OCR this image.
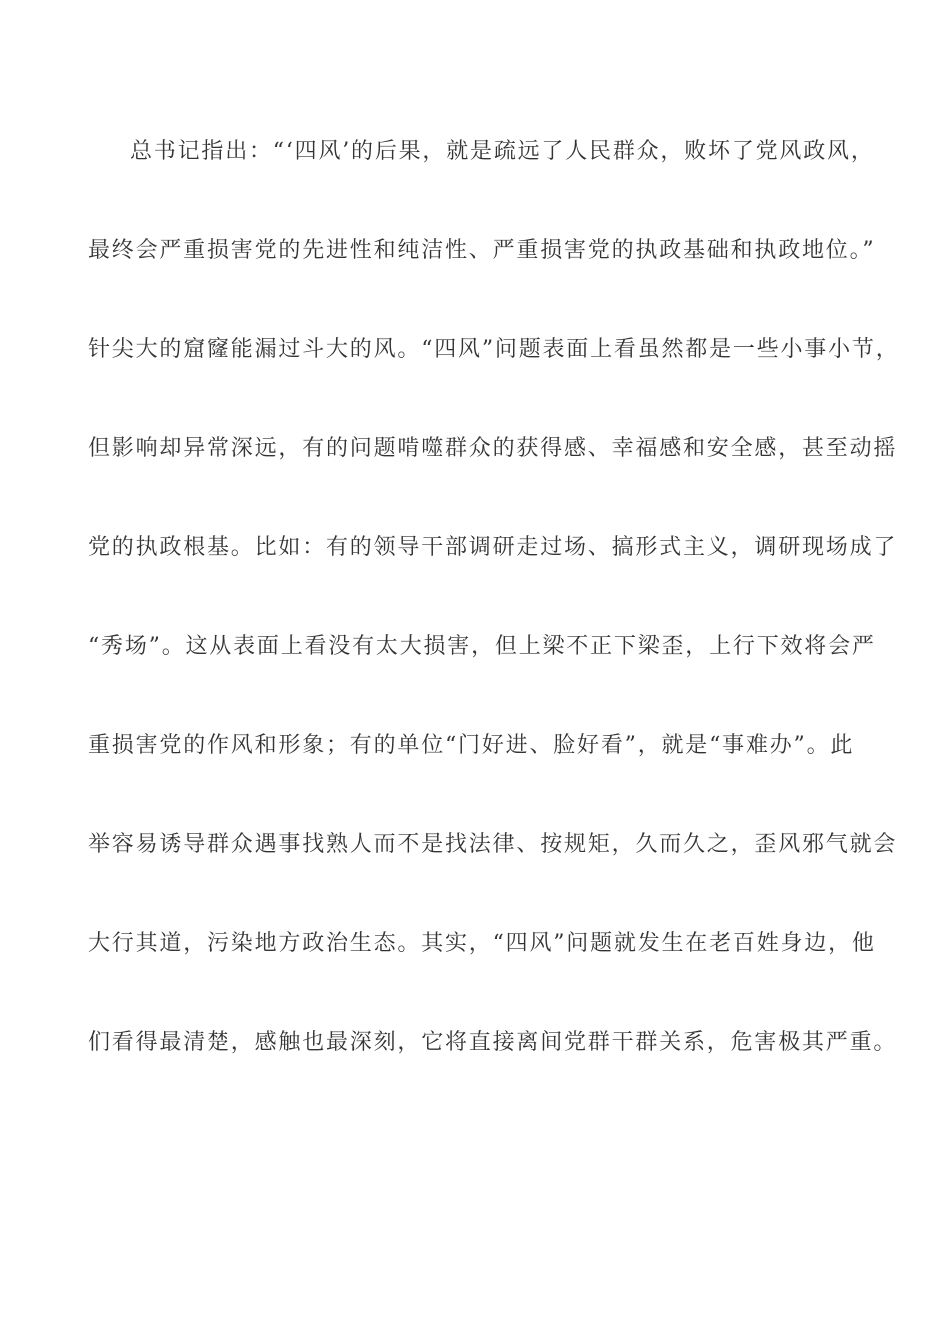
总书记指出：“‘四风’的后果，就是疏远了人民群众，败坏了党风政风，
最终会严重损害党的先进性和纯洁性、严重损害党的执政基础和执政地位。”
针尖大的窟窿能漏过斗大的风。“四风”问题表面上看虽然都是一些小事小节，
但影响却异常深远，有的问题啃噬群众的获得感、幸福感和安全感，甚至动摇
党的执政根基。比如：有的领导干部调研走过场、搞形式主义，调研现场成了
“秀场”。这从表面上看没有太大损害，但上梁不正下梁歪，上行下效将会严
重损害党的作风和形象；有的单位“门好进、脸好看”，就是“事难办”。此
举容易诱导群众遇事找熟人而不是找法律、按规矩，久而久之，歪风邪气就会
大行其道，污染地方政治生态。其实，“四风”问题就发生在老百姓身边，他
们看得最清楚，感触也最深刻，它将直接离间党群干群关系，危害极其严重。
